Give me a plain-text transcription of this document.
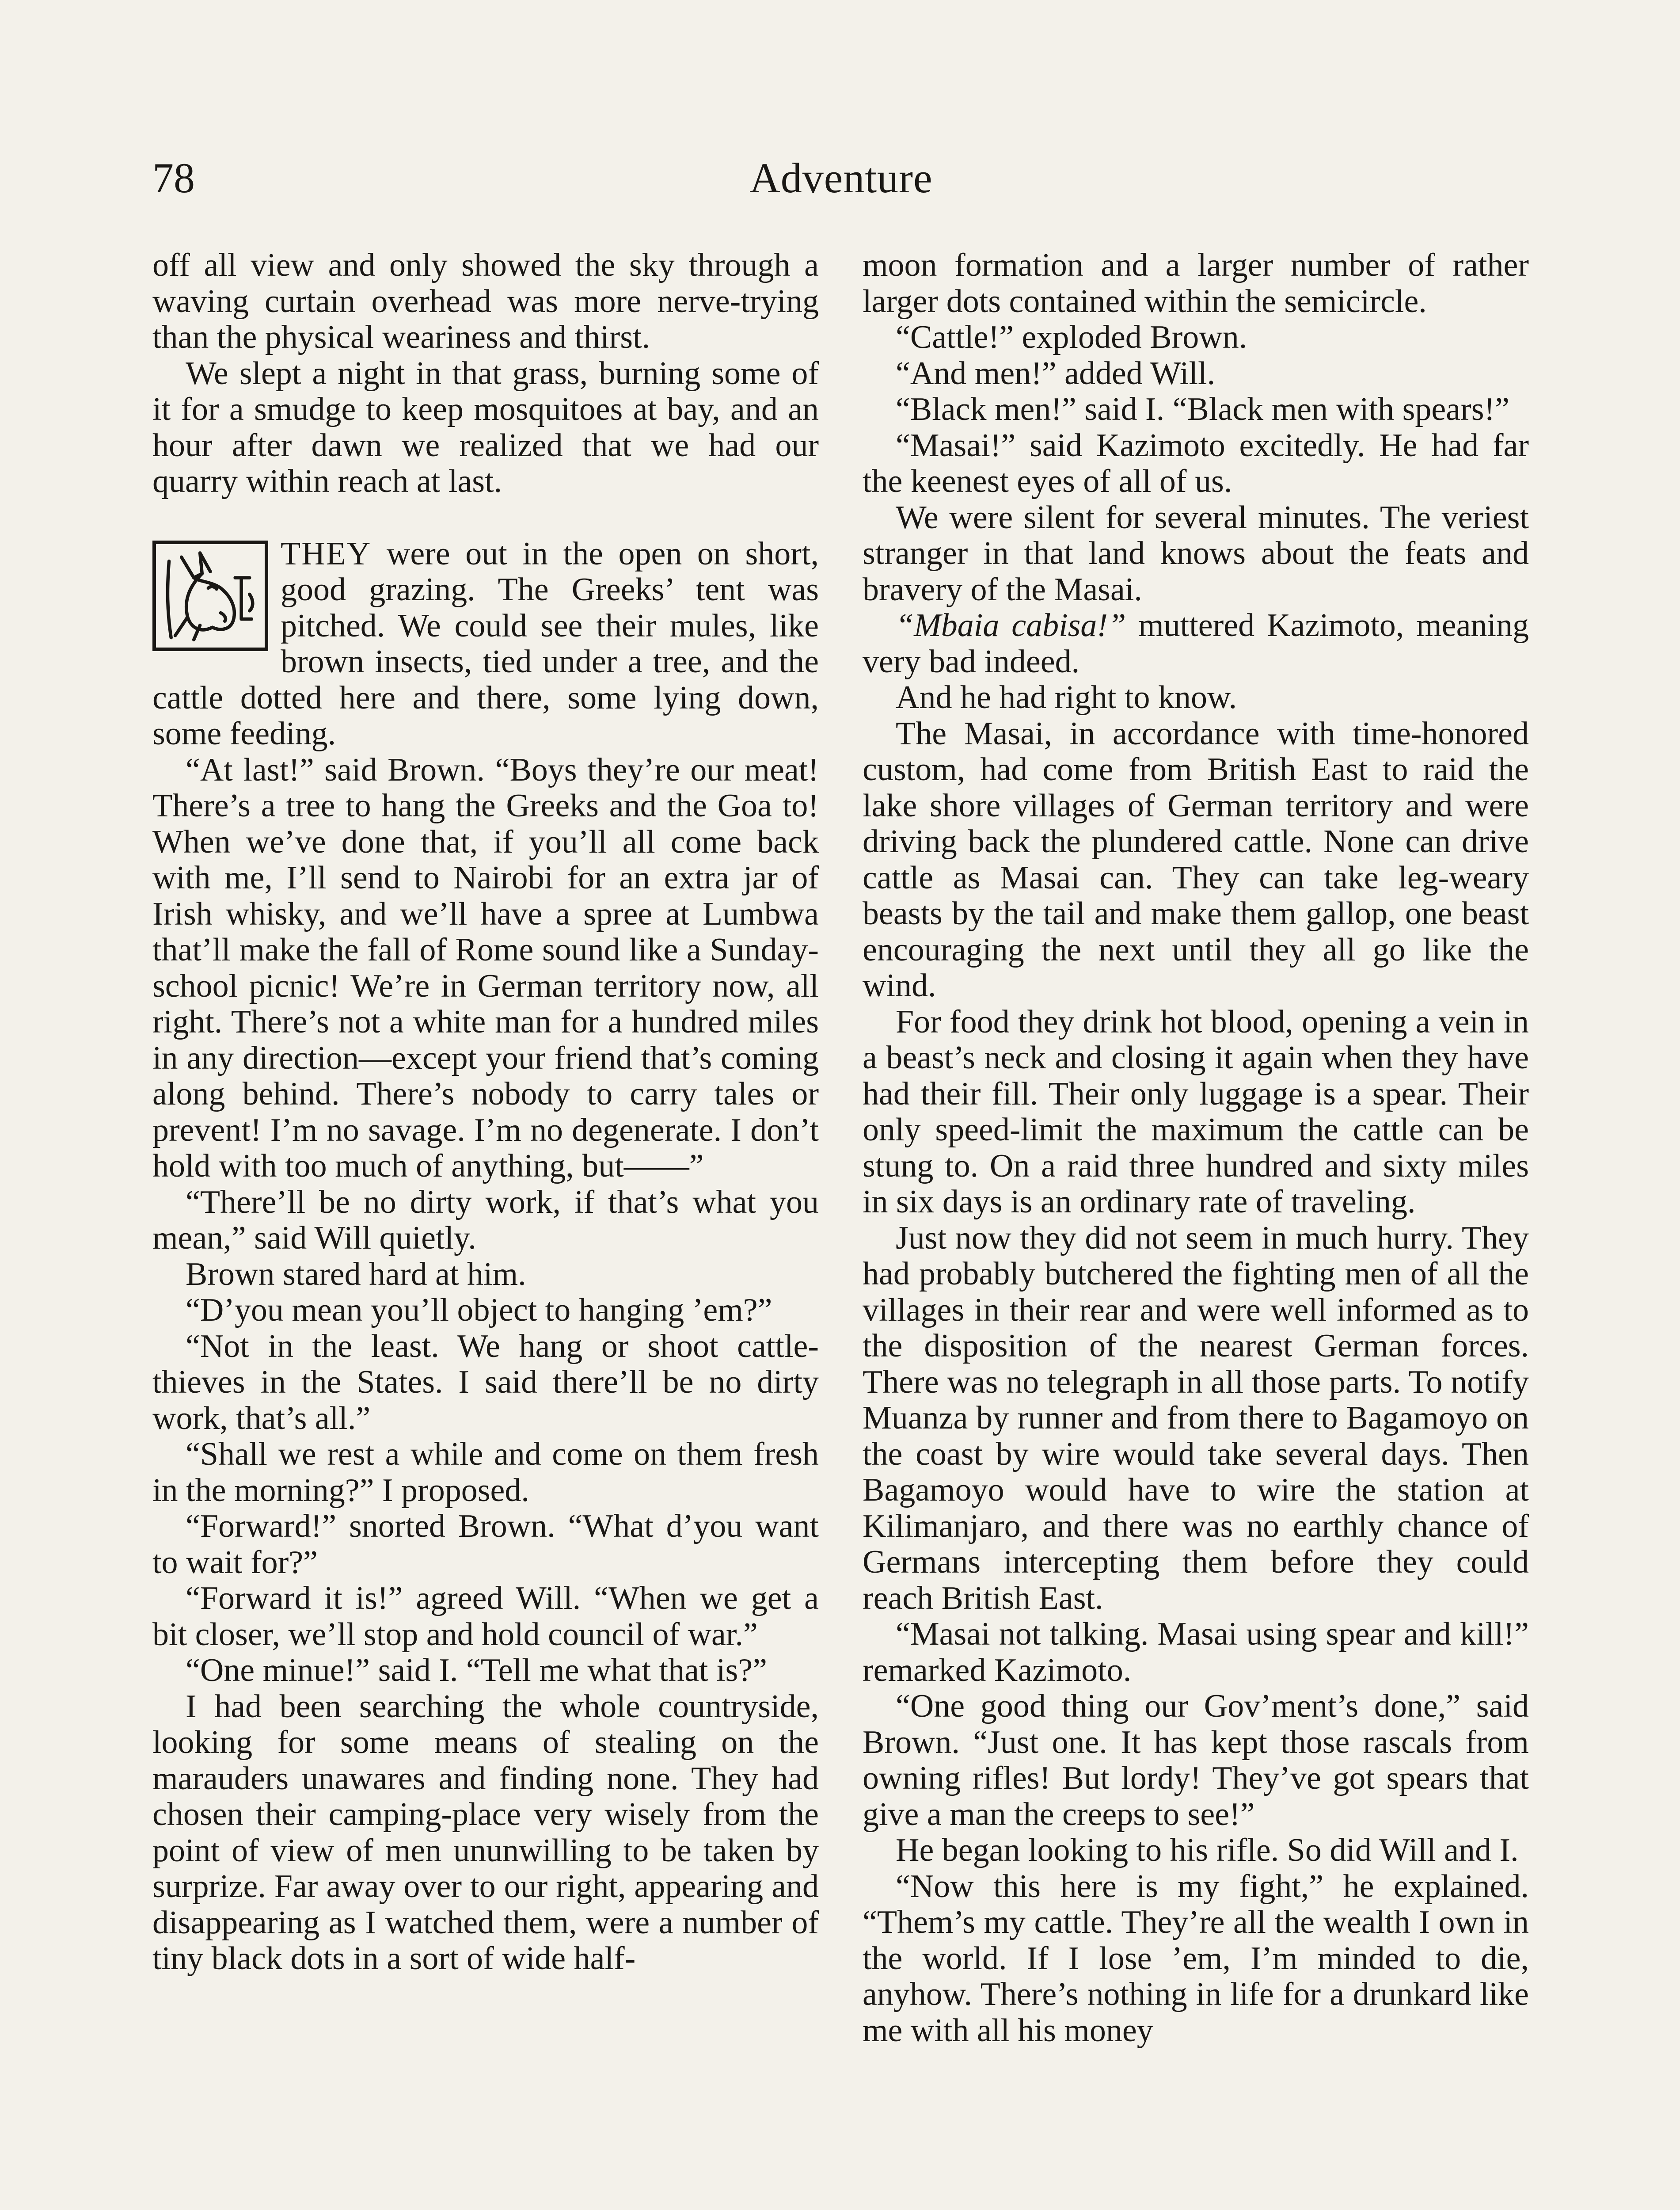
78	Adventure

off all view and only showed the sky through a waving curtain overhead was more nerve-trying than the physical weariness and thirst.

We slept a night in that grass, burning some of it for a smudge to keep mosquitoes at bay, and an hour after dawn we realized that we had our quarry within reach at last.

THEY were out in the open on short, good grazing. The Greeks’ tent was pitched. We could see their mules, like brown insects, tied under a tree, and the cattle dotted here and there, some lying down, some feeding.

“At last!” said Brown. “Boys they’re our meat! There’s a tree to hang the Greeks and the Goa to! When we’ve done that, if you’ll all come back with me, I’ll send to Nairobi for an extra jar of Irish whisky, and we’ll have a spree at Lumbwa that’ll make the fall of Rome sound like a Sunday-school picnic! We’re in German territory now, all right. There’s not a white man for a hundred miles in any direction—except your friend that’s coming along behind. There’s nobody to carry tales or prevent! I’m no savage. I’m no degenerate. I don’t hold with too much of anything, but——”

“There’ll be no dirty work, if that’s what you mean,” said Will quietly.

Brown stared hard at him.

“D’you mean you’ll object to hanging ’em?”

“Not in the least. We hang or shoot cattle-thieves in the States. I said there’ll be no dirty work, that’s all.”

“Shall we rest a while and come on them fresh in the morning?” I proposed.

“Forward!” snorted Brown. “What d’you want to wait for?”

“Forward it is!” agreed Will. “When we get a bit closer, we’ll stop and hold council of war.”

“One minue!” said I. “Tell me what that is?”

I had been searching the whole countryside, looking for some means of stealing on the marauders unawares and finding none. They had chosen their camping-place very wisely from the point of view of men ununwilling to be taken by surprize. Far away over to our right, appearing and disappearing as I watched them, were a number of tiny black dots in a sort of wide half-

moon formation and a larger number of rather larger dots contained within the semicircle.

“Cattle!” exploded Brown.

“And men!” added Will.

“Black men!” said I. “Black men with spears!”

“Masai!” said Kazimoto excitedly. He had far the keenest eyes of all of us.

We were silent for several minutes. The veriest stranger in that land knows about the feats and bravery of the Masai.

“Mbaia cabisa!” muttered Kazimoto, meaning very bad indeed.

And he had right to know.

The Masai, in accordance with time-honored custom, had come from British East to raid the lake shore villages of German territory and were driving back the plundered cattle. None can drive cattle as Masai can. They can take leg-weary beasts by the tail and make them gallop, one beast encouraging the next until they all go like the wind.

For food they drink hot blood, opening a vein in a beast’s neck and closing it again when they have had their fill. Their only luggage is a spear. Their only speed-limit the maximum the cattle can be stung to. On a raid three hundred and sixty miles in six days is an ordinary rate of traveling.

Just now they did not seem in much hurry. They had probably butchered the fighting men of all the villages in their rear and were well informed as to the disposition of the nearest German forces. There was no telegraph in all those parts. To notify Muanza by runner and from there to Bagamoyo on the coast by wire would take several days. Then Bagamoyo would have to wire the station at Kilimanjaro, and there was no earthly chance of Germans intercepting them before they could reach British East.

“Masai not talking. Masai using spear and kill!” remarked Kazimoto.

“One good thing our Gov’ment’s done,” said Brown. “Just one. It has kept those rascals from owning rifles! But lordy! They’ve got spears that give a man the creeps to see!”

He began looking to his rifle. So did Will and I.

“Now this here is my fight,” he explained. “Them’s my cattle. They’re all the wealth I own in the world. If I lose ’em, I’m minded to die, anyhow. There’s nothing in life for a drunkard like me with all his money
